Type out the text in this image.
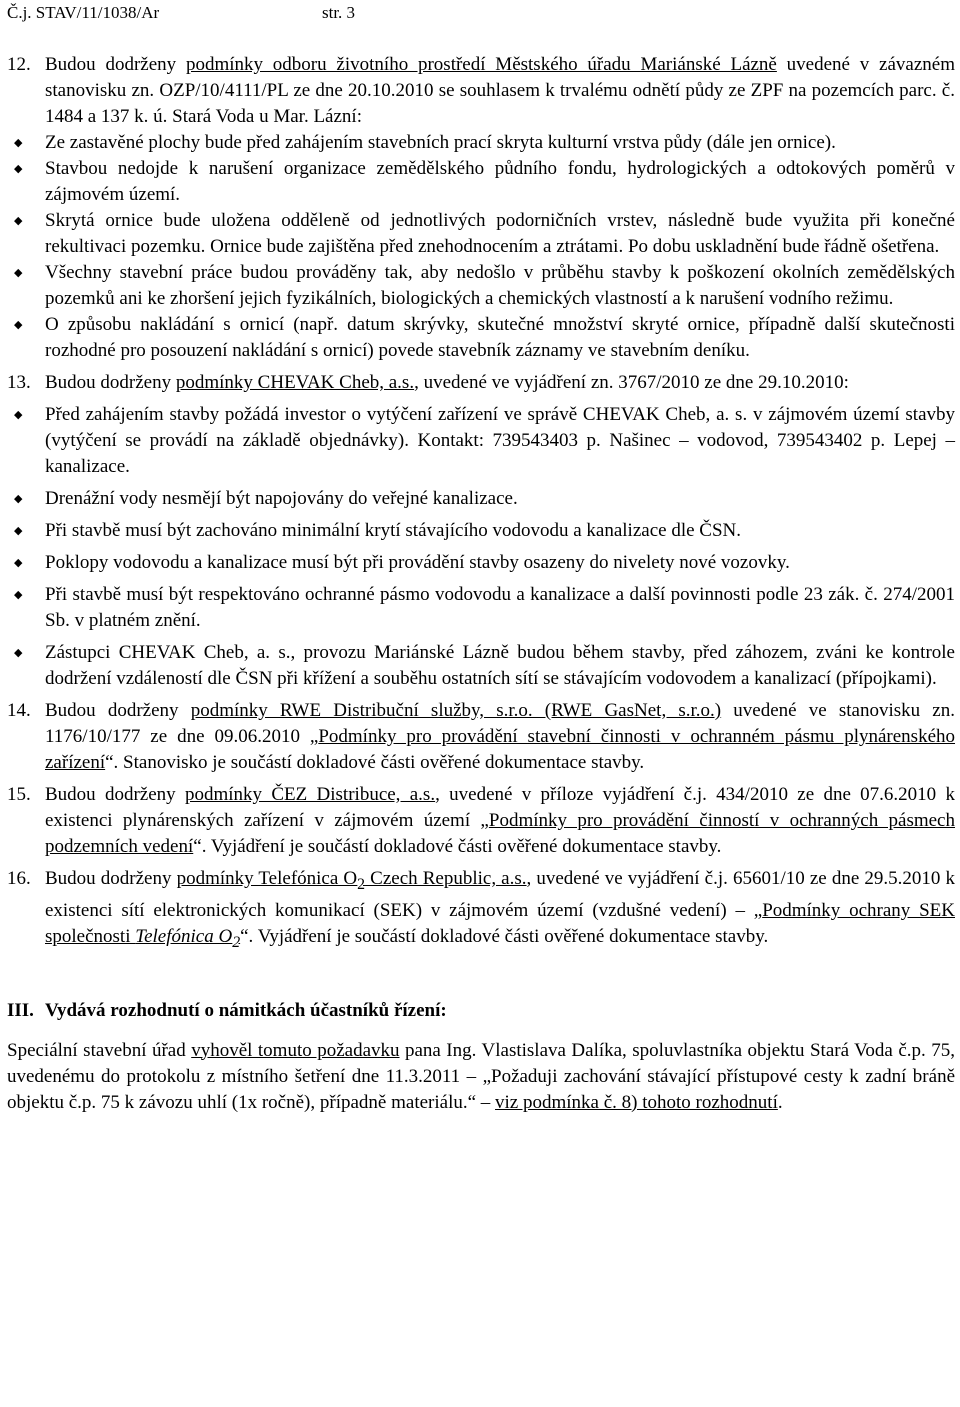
Č.j. STAV/11/1038/Ar	str. 3
12. Budou dodrženy podmínky odboru životního prostředí Městského úřadu Mariánské Lázně uvedené v závazném stanovisku zn. OZP/10/4111/PL ze dne 20.10.2010 se souhlasem k trvalému odnětí půdy ze ZPF na pozemcích parc. č. 1484 a 137 k. ú. Stará Voda u Mar. Lázní:

◆ Ze zastavěné plochy bude před zahájením stavebních prací skryta kulturní vrstva půdy (dále jen ornice).
◆ Stavbou nedojde k narušení organizace zemědělského půdního fondu, hydrologických a odtokových poměrů v zájmovém území.
◆ Skrytá ornice bude uložena odděleně od jednotlivých podorničních vrstev, následně bude využita při konečné rekultivaci pozemku. Ornice bude zajištěna před znehodnocením a ztrátami. Po dobu uskladnění bude řádně ošetřena.
◆ Všechny stavební práce budou prováděny tak, aby nedošlo v průběhu stavby k poškození okolních zemědělských pozemků ani ke zhoršení jejich fyzikálních, biologických a chemických vlastností a k narušení vodního režimu.
◆ O způsobu nakládání s ornicí (např. datum skrývky, skutečné množství skryté ornice, případně další skutečnosti rozhodné pro posouzení nakládání s ornicí) povede stavebník záznamy ve stavebním deníku.
13. Budou dodrženy podmínky CHEVAK Cheb, a.s., uvedené ve vyjádření zn. 3767/2010 ze dne 29.10.2010:

◆ Před zahájením stavby požádá investor o vytýčení zařízení ve správě CHEVAK Cheb, a. s. v zájmovém území stavby (vytýčení se provádí na základě objednávky). Kontakt: 739543403 p. Našinec – vodovod, 739543402 p. Lepej – kanalizace.
◆ Drenážní vody nesmějí být napojovány do veřejné kanalizace.
◆ Při stavbě musí být zachováno minimální krytí stávajícího vodovodu a kanalizace dle ČSN.
◆ Poklopy vodovodu a kanalizace musí být při provádění stavby osazeny do nivelety nové vozovky.
◆ Při stavbě musí být respektováno ochranné pásmo vodovodu a kanalizace a další povinnosti podle 23 zák. č. 274/2001 Sb. v platném znění.
◆ Zástupci CHEVAK Cheb, a. s., provozu Mariánské Lázně budou během stavby, před záhozem, zváni ke kontrole dodržení vzdáleností dle ČSN při křížení a souběhu ostatních sítí se stávajícím vodovodem a kanalizací (přípojkami).
14. Budou dodrženy podmínky RWE Distribuční služby, s.r.o. (RWE GasNet, s.r.o.) uvedené ve stanovisku zn. 1176/10/177 ze dne 09.06.2010 „Podmínky pro provádění stavební činnosti v ochranném pásmu plynárenského zařízení“. Stanovisko je součástí dokladové části ověřené dokumentace stavby.

15. Budou dodrženy podmínky ČEZ Distribuce, a.s., uvedené v příloze vyjádření č.j. 434/2010 ze dne 07.6.2010 k existenci plynárenských zařízení v zájmovém území „Podmínky pro provádění činností v ochranných pásmech podzemních vedení“. Vyjádření je součástí dokladové části ověřené dokumentace stavby.

16. Budou dodrženy podmínky Telefónica $O_2$ Czech Republic, a.s., uvedené ve vyjádření č.j. 65601/10 ze dne 29.5.2010 k existenci sítí elektronických komunikací (SEK) v zájmovém území (vzdušné vedení) – „Podmínky ochrany SEK společnosti Telefónica $O_2“$. Vyjádření je součástí dokladové části ověřené dokumentace stavby.

III. Vydává rozhodnutí o námitkách účastníků řízení:

Speciální stavební úřad vyhověl tomuto požadavku pana Ing. Vlastislava Dalíka, spoluvlastníka objektu Stará Voda č.p. 75, uvedenému do protokolu z místního šetření dne 11.3.2011 – „Požaduji zachování stávající přístupové cesty k zadní bráně objektu č.p. 75 k závozu uhlí (1x ročně), případně materiálu.“ – viz podmínka č. 8) tohoto rozhodnutí.
